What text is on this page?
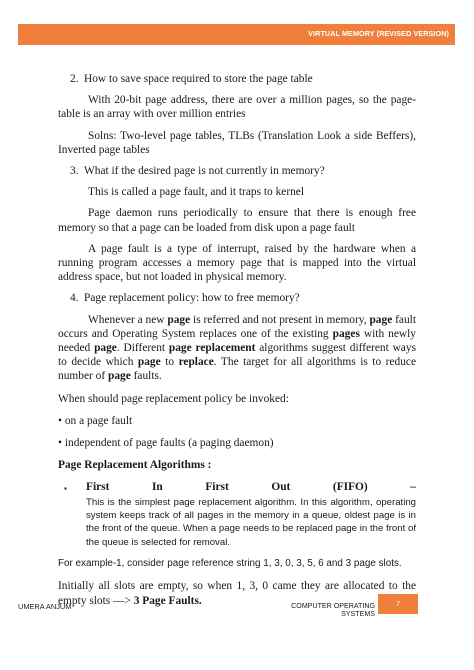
VIRTUAL MEMORY (REVISED VERSION)
2. How to save space required to store the page table

With 20-bit page address, there are over a million pages, so the page-table is an array with over million entries

Solns: Two-level page tables, TLBs (Translation Look a side Beffers), Inverted page tables

3. What if the desired page is not currently in memory?

This is called a page fault, and it traps to kernel

Page daemon runs periodically to ensure that there is enough free memory so that a page can be loaded from disk upon a page fault

A page fault is a type of interrupt, raised by the hardware when a running program accesses a memory page that is mapped into the virtual address space, but not loaded in physical memory.

4. Page replacement policy: how to free memory?

Whenever a new page is referred and not present in memory, page fault occurs and Operating System replaces one of the existing pages with newly needed page. Different page replacement algorithms suggest different ways to decide which page to replace. The target for all algorithms is to reduce number of page faults.

When should page replacement policy be invoked:

• on a page fault

• independent of page faults (a paging daemon)

Page Replacement Algorithms :

▪ First	In	First	Out	(FIFO)	–

This is the simplest page replacement algorithm. In this algorithm, operating system keeps track of all pages in the memory in a queue, oldest page is in the front of the queue. When a page needs to be replaced page in the front of the queue is selected for removal.

For example-1, consider page reference string 1, 3, 0, 3, 5, 6 and 3 page slots.

Initially all slots are empty, so when 1, 3, 0 came they are allocated to the empty slots —> 3 Page Faults.

UMERA ANJUM	COMPUTER OPERATING SYSTEMS
7
